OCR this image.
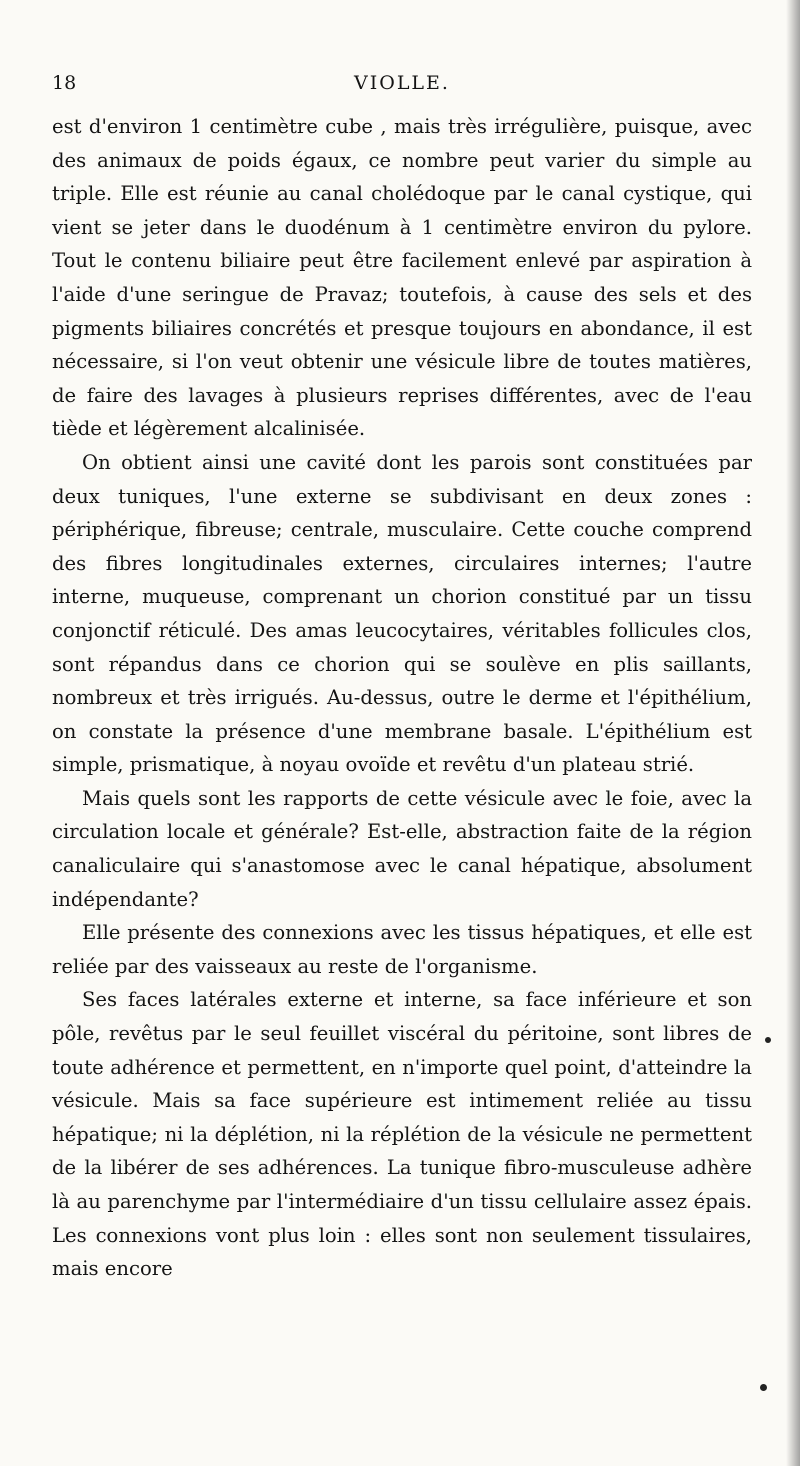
18	VIOLLE.

est d'environ 1 centimètre cube , mais très irrégulière, puisque, avec des animaux de poids égaux, ce nombre peut varier du simple au triple. Elle est réunie au canal cholédoque par le canal cystique, qui vient se jeter dans le duodénum à 1 centimètre environ du pylore. Tout le contenu biliaire peut être facilement enlevé par aspiration à l'aide d'une seringue de Pravaz; toutefois, à cause des sels et des pigments biliaires concrétés et presque toujours en abondance, il est nécessaire, si l'on veut obtenir une vésicule libre de toutes matières, de faire des lavages à plusieurs reprises différentes, avec de l'eau tiède et légèrement alcalinisée.

On obtient ainsi une cavité dont les parois sont constituées par deux tuniques, l'une externe se subdivisant en deux zones : périphérique, fibreuse; centrale, musculaire. Cette couche comprend des fibres longitudinales externes, circulaires internes; l'autre interne, muqueuse, comprenant un chorion constitué par un tissu conjonctif réticulé. Des amas leucocytaires, véritables follicules clos, sont répandus dans ce chorion qui se soulève en plis saillants, nombreux et très irrigués. Au-dessus, outre le derme et l'épithélium, on constate la présence d'une membrane basale. L'épithélium est simple, prismatique, à noyau ovoïde et revêtu d'un plateau strié.

Mais quels sont les rapports de cette vésicule avec le foie, avec la circulation locale et générale? Est-elle, abstraction faite de la région canaliculaire qui s'anastomose avec le canal hépatique, absolument indépendante?

Elle présente des connexions avec les tissus hépatiques, et elle est reliée par des vaisseaux au reste de l'organisme.

Ses faces latérales externe et interne, sa face inférieure et son pôle, revêtus par le seul feuillet viscéral du péritoine, sont libres de toute adhérence et permettent, en n'importe quel point, d'atteindre la vésicule. Mais sa face supérieure est intimement reliée au tissu hépatique; ni la déplétion, ni la réplétion de la vésicule ne permettent de la libérer de ses adhérences. La tunique fibro-musculeuse adhère là au parenchyme par l'intermédiaire d'un tissu cellulaire assez épais. Les connexions vont plus loin : elles sont non seulement tissulaires, mais encore
